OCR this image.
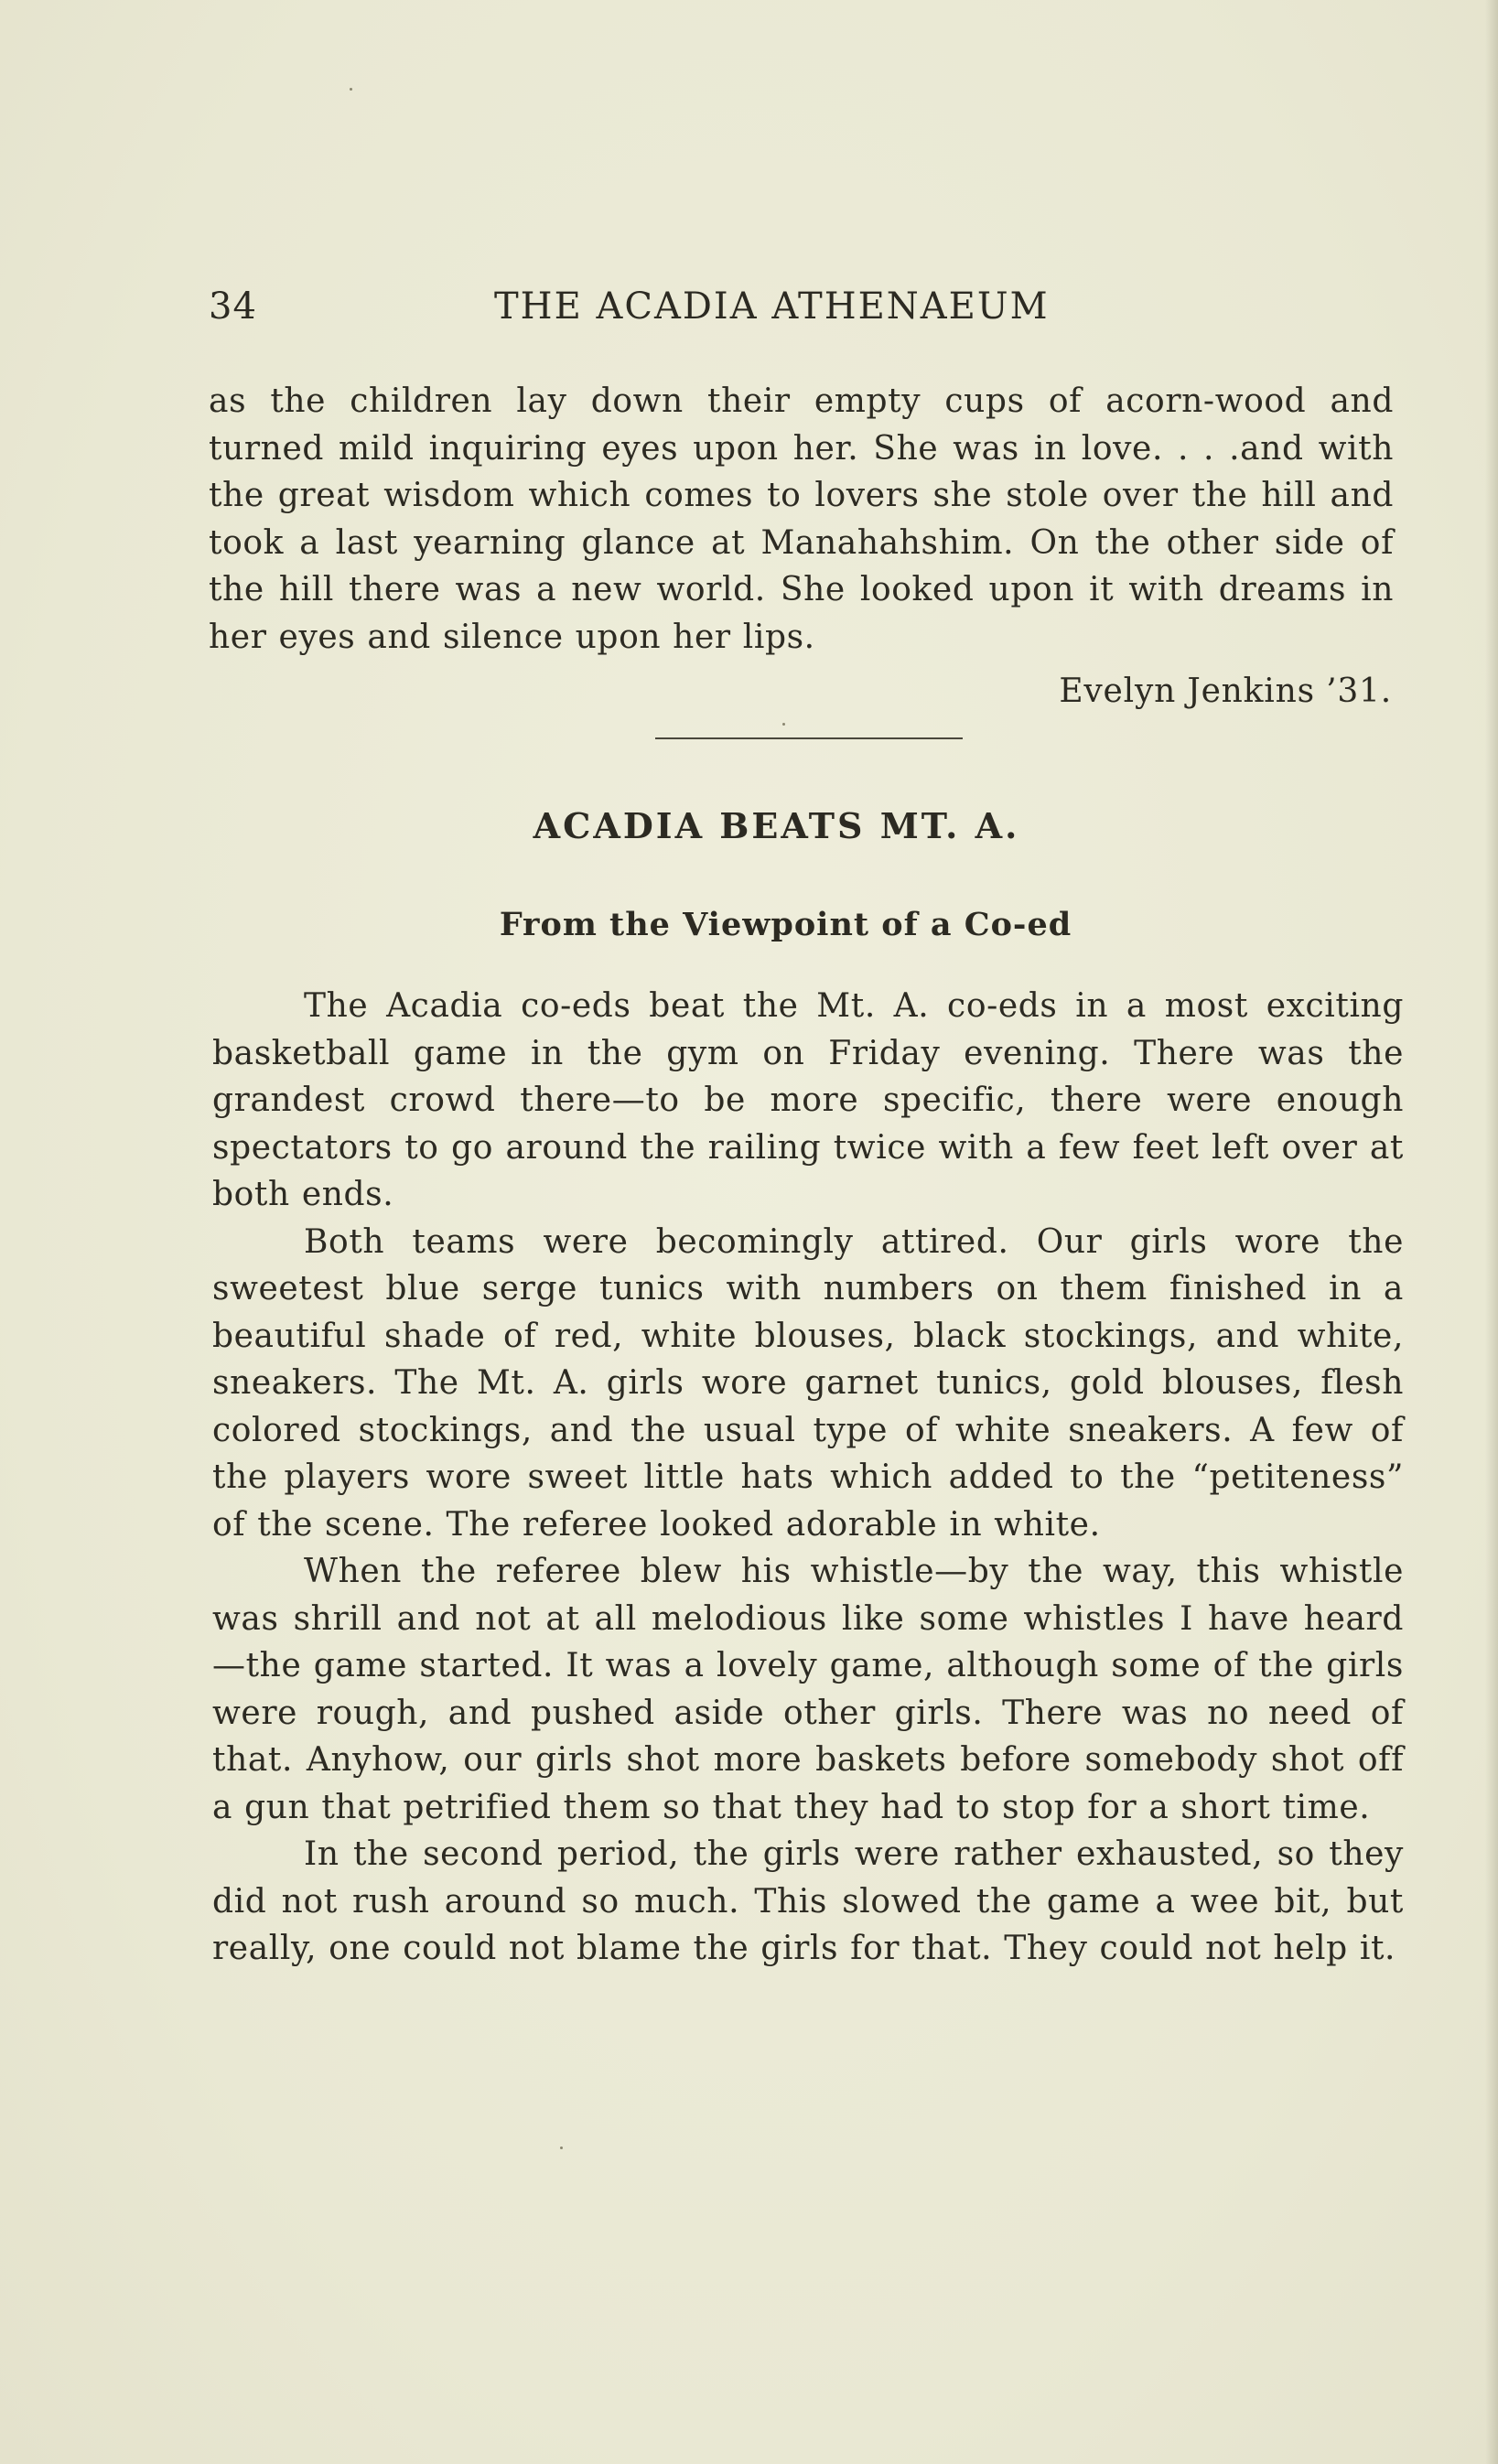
34	THE ACADIA ATHENAEUM

as the children lay down their empty cups of acorn-wood and turned mild inquiring eyes upon her. She was in love. . . .and with the great wisdom which comes to lovers she stole over the hill and took a last yearning glance at Manahahshim. On the other side of the hill there was a new world. She looked upon it with dreams in her eyes and silence upon her lips.

Evelyn Jenkins ’31.
ACADIA BEATS MT. A.
From the Viewpoint of a Co-ed

The Acadia co-eds beat the Mt. A. co-eds in a most exciting basketball game in the gym on Friday evening. There was the grandest crowd there—to be more specific, there were enough spectators to go around the railing twice with a few feet left over at both ends.

Both teams were becomingly attired. Our girls wore the sweetest blue serge tunics with numbers on them finished in a beautiful shade of red, white blouses, black stockings, and white, sneakers. The Mt. A. girls wore garnet tunics, gold blouses, flesh colored stockings, and the usual type of white sneakers. A few of the players wore sweet little hats which added to the “petiteness” of the scene. The referee looked adorable in white.

When the referee blew his whistle—by the way, this whistle was shrill and not at all melodious like some whistles I have heard—the game started. It was a lovely game, although some of the girls were rough, and pushed aside other girls. There was no need of that. Anyhow, our girls shot more baskets before somebody shot off a gun that petrified them so that they had to stop for a short time.

In the second period, the girls were rather exhausted, so they did not rush around so much. This slowed the game a wee bit, but really, one could not blame the girls for that. They could not help it.
